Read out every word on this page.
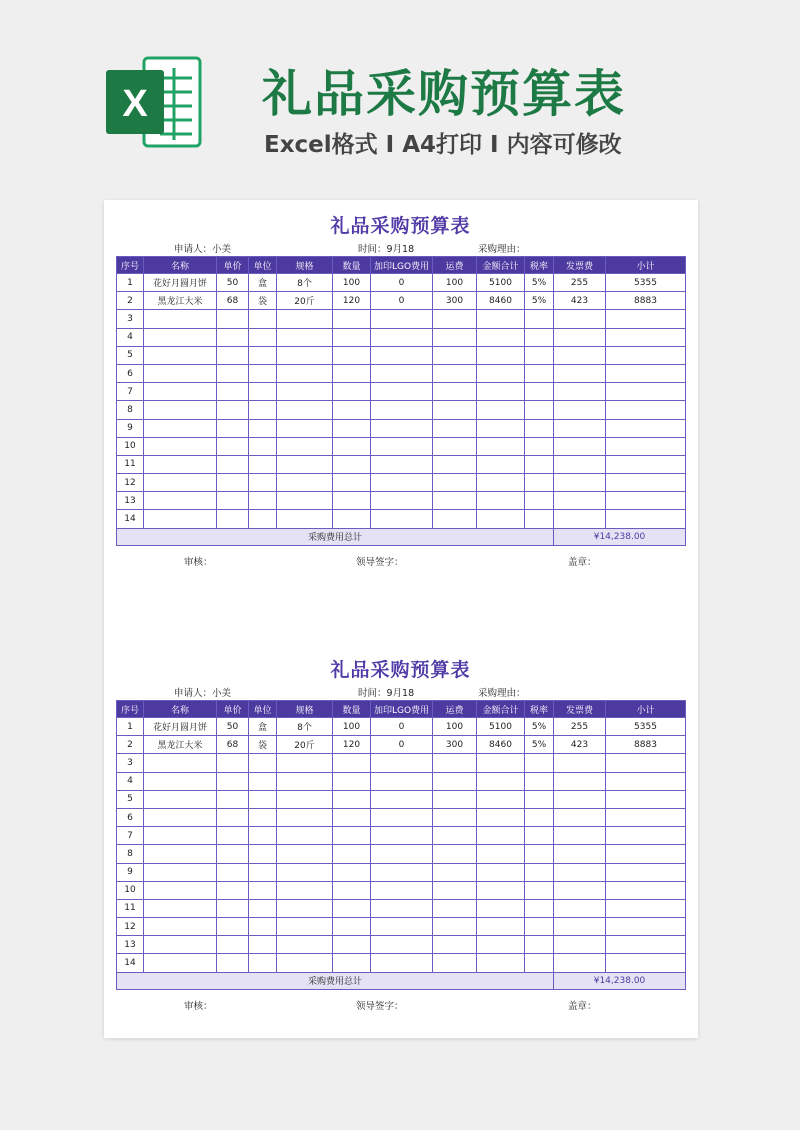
X 礼品采购预算表
Excel格式 I A4打印 I 内容可修改
礼品采购预算表
申请人：小美	时间：9月18	采购理由：
序号	名称	单价	单位	规格	数量	加印LGO费用	运费	金额合计	税率	发票费	小计
1	花好月圆月饼	50	盒	8个	100	0	100	5100	5%	255	5355
2	黑龙江大米	68	袋	20斤	120	0	300	8460	5%	423	8883
3											
4											
5											
6											
7											
8											
9											
10											
11											
12											
13											
14											
采购费用总计										¥14,238.00	
审核：	领导签字：	盖章：
礼品采购预算表
申请人：小美	时间：9月18	采购理由：
序号	名称	单价	单位	规格	数量	加印LGO费用	运费	金额合计	税率	发票费	小计
1	花好月圆月饼	50	盒	8个	100	0	100	5100	5%	255	5355
2	黑龙江大米	68	袋	20斤	120	0	300	8460	5%	423	8883
3											
4											
5											
6											
7											
8											
9											
10											
11											
12											
13											
14											
采购费用总计										¥14,238.00	
审核：	领导签字：	盖章：
